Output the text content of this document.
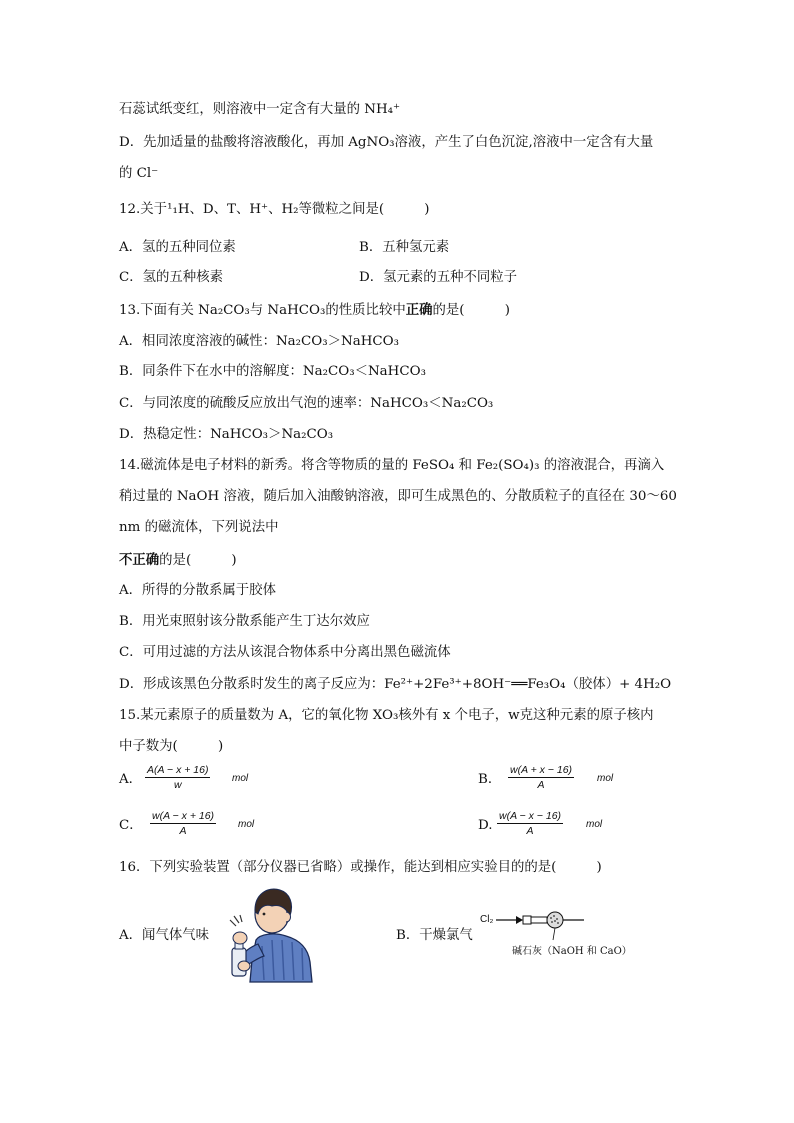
石蕊试纸变红，则溶液中一定含有大量的 NH₄⁺
D．先加适量的盐酸将溶液酸化，再加 AgNO₃溶液，产生了白色沉淀,溶液中一定含有大量
的 Cl⁻
12.关于¹₁H、D、T、H⁺、H₂等微粒之间是(　　　)
A．氢的五种同位素	B．五种氢元素
C．氢的五种核素	D．氢元素的五种不同粒子
13.下面有关 Na₂CO₃与 NaHCO₃的性质比较中正确的是(　　　)
A．相同浓度溶液的碱性：Na₂CO₃＞NaHCO₃
B．同条件下在水中的溶解度：Na₂CO₃＜NaHCO₃
C．与同浓度的硫酸反应放出气泡的速率：NaHCO₃＜Na₂CO₃
D．热稳定性：NaHCO₃＞Na₂CO₃
14.磁流体是电子材料的新秀。将含等物质的量的 FeSO₄ 和 Fe₂(SO₄)₃ 的溶液混合，再滴入
稍过量的 NaOH 溶液，随后加入油酸钠溶液，即可生成黑色的、分散质粒子的直径在 30～60
nm 的磁流体，下列说法中
不正确的是(　　　)
A．所得的分散系属于胶体
B．用光束照射该分散系能产生丁达尔效应
C．可用过滤的方法从该混合物体系中分离出黑色磁流体
D．形成该黑色分散系时发生的离子反应为：Fe²⁺+2Fe³⁺+8OH⁻══Fe₃O₄（胶体）+ 4H₂O
15.某元素原子的质量数为 A，它的氧化物 XO₃核外有 x 个电子，w克这种元素的原子核内
中子数为(　　　)
A． $\frac{A(A - x + 16)}{w}$ mol	B． $\frac{w(A + x - 16)}{A}$ mol
C． $\frac{w(A - x + 16)}{A}$ mol	D. $\frac{w(A - x - 16)}{A}$ mol
16．下列实验装置（部分仪器已省略）或操作，能达到相应实验目的的是(　　　)
A．闻气体气味	B．干燥氯气
Cl₂
碱石灰（NaOH 和 CaO）
